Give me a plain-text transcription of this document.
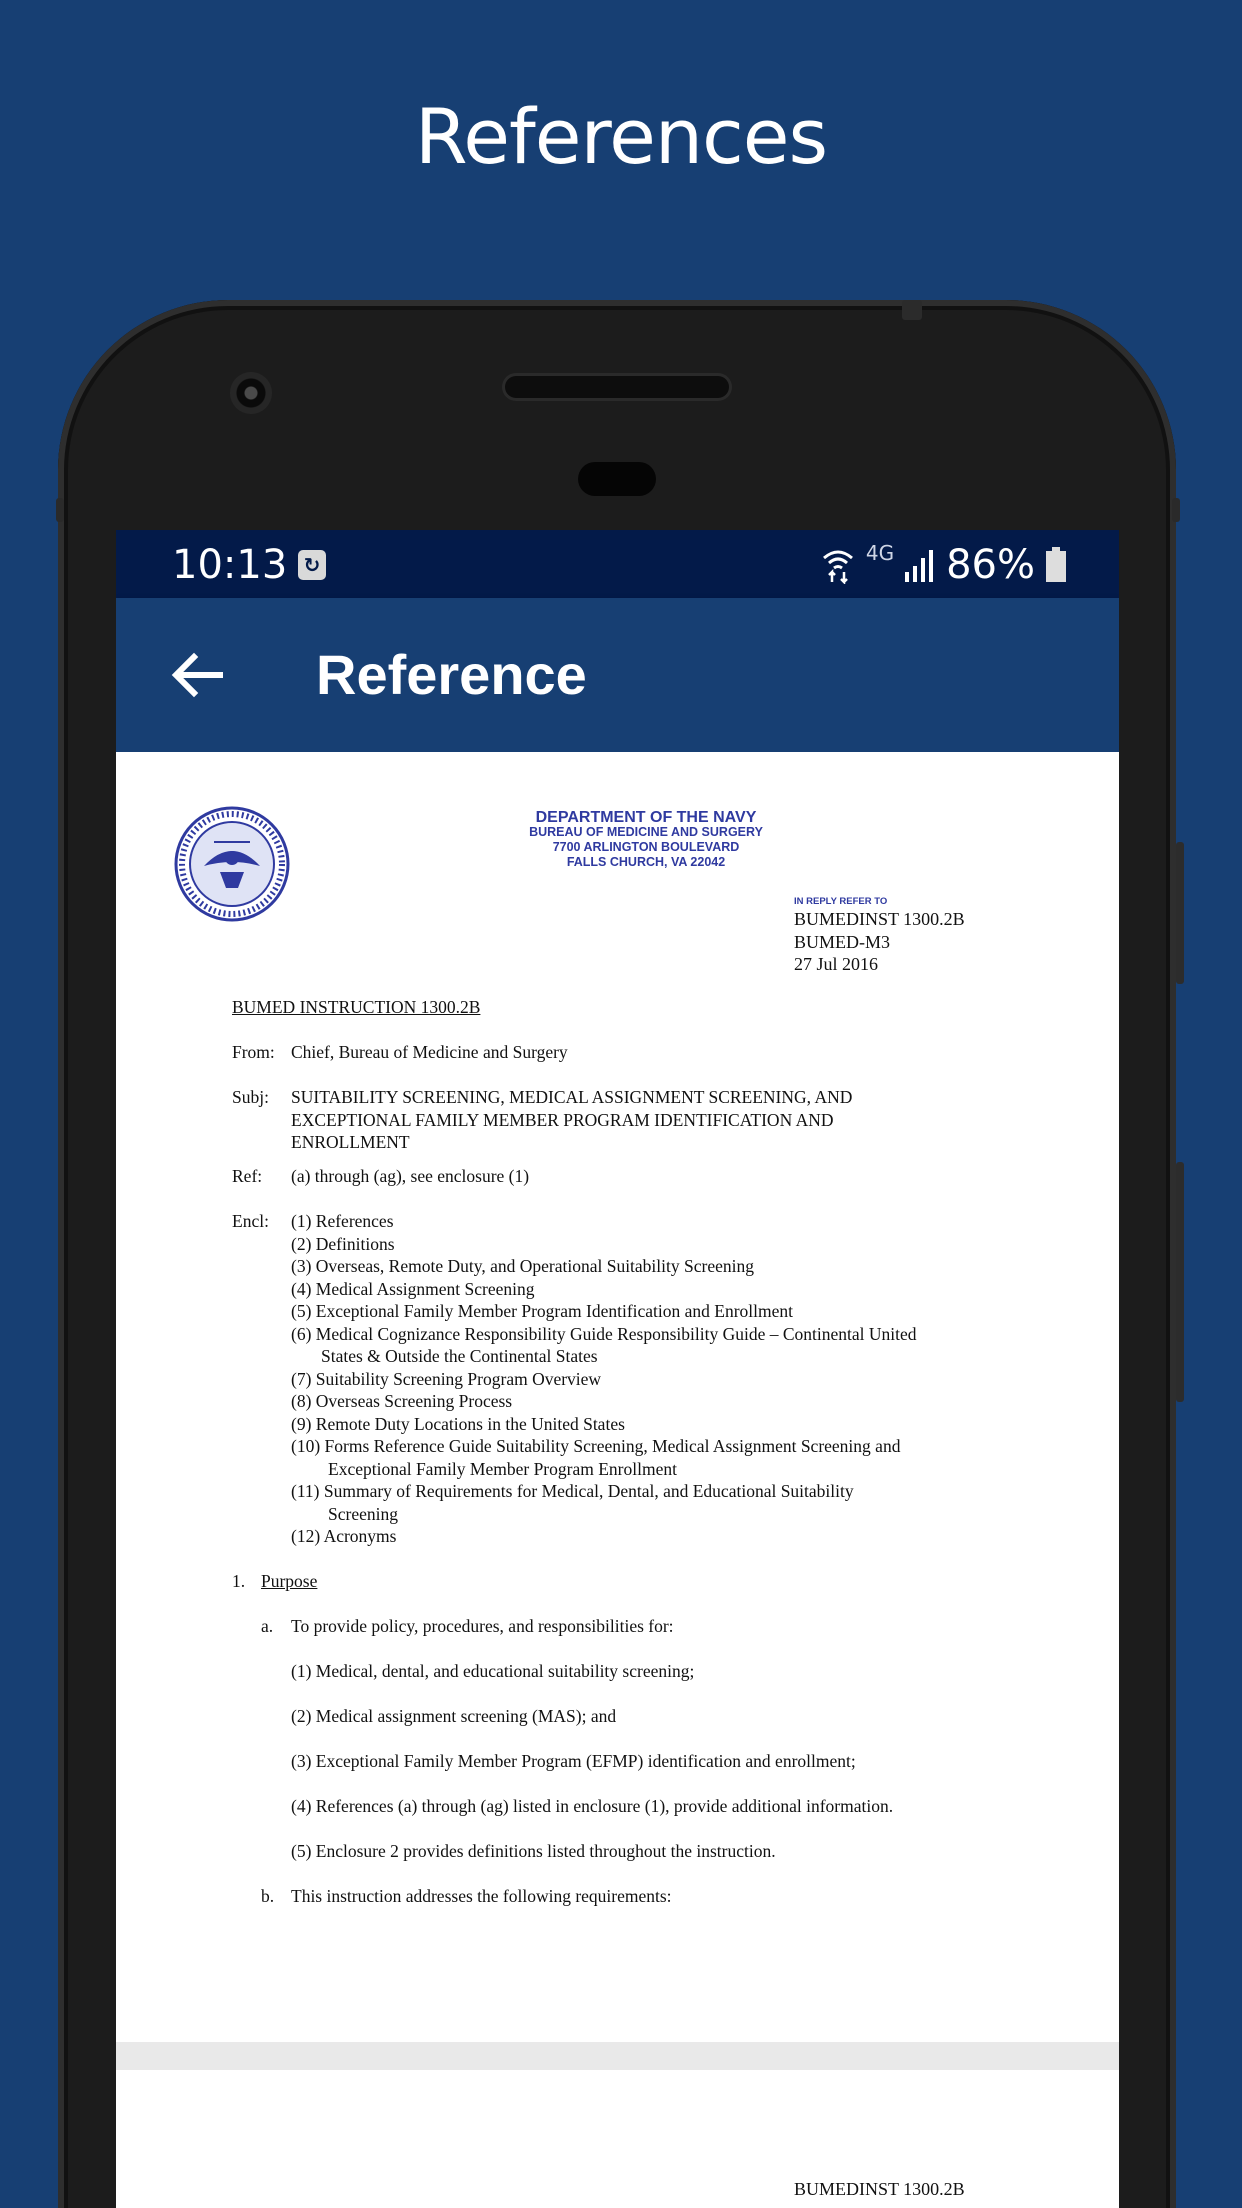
References
10:13 ↻	4G 86%
Reference
DEPARTMENT OF THE NAVY
BUREAU OF MEDICINE AND SURGERY
7700 ARLINGTON BOULEVARD
FALLS CHURCH, VA 22042
IN REPLY REFER TO
BUMEDINST 1300.2B
BUMED-M3
27 Jul 2016
BUMED INSTRUCTION 1300.2B
From: Chief, Bureau of Medicine and Surgery
Subj: SUITABILITY SCREENING, MEDICAL ASSIGNMENT SCREENING, AND
EXCEPTIONAL FAMILY MEMBER PROGRAM IDENTIFICATION AND
ENROLLMENT
Ref: (a) through (ag), see enclosure (1)
Encl: (1) References
(2) Definitions
(3) Overseas, Remote Duty, and Operational Suitability Screening
(4) Medical Assignment Screening
(5) Exceptional Family Member Program Identification and Enrollment
(6) Medical Cognizance Responsibility Guide Responsibility Guide – Continental United
States & Outside the Continental States
(7) Suitability Screening Program Overview
(8) Overseas Screening Process
(9) Remote Duty Locations in the United States
(10) Forms Reference Guide Suitability Screening, Medical Assignment Screening and
Exceptional Family Member Program Enrollment
(11) Summary of Requirements for Medical, Dental, and Educational Suitability
Screening
(12) Acronyms
1. Purpose
a. To provide policy, procedures, and responsibilities for:
(1) Medical, dental, and educational suitability screening;
(2) Medical assignment screening (MAS); and
(3) Exceptional Family Member Program (EFMP) identification and enrollment;
(4) References (a) through (ag) listed in enclosure (1), provide additional information.
(5) Enclosure 2 provides definitions listed throughout the instruction.
b. This instruction addresses the following requirements:
BUMEDINST 1300.2B
